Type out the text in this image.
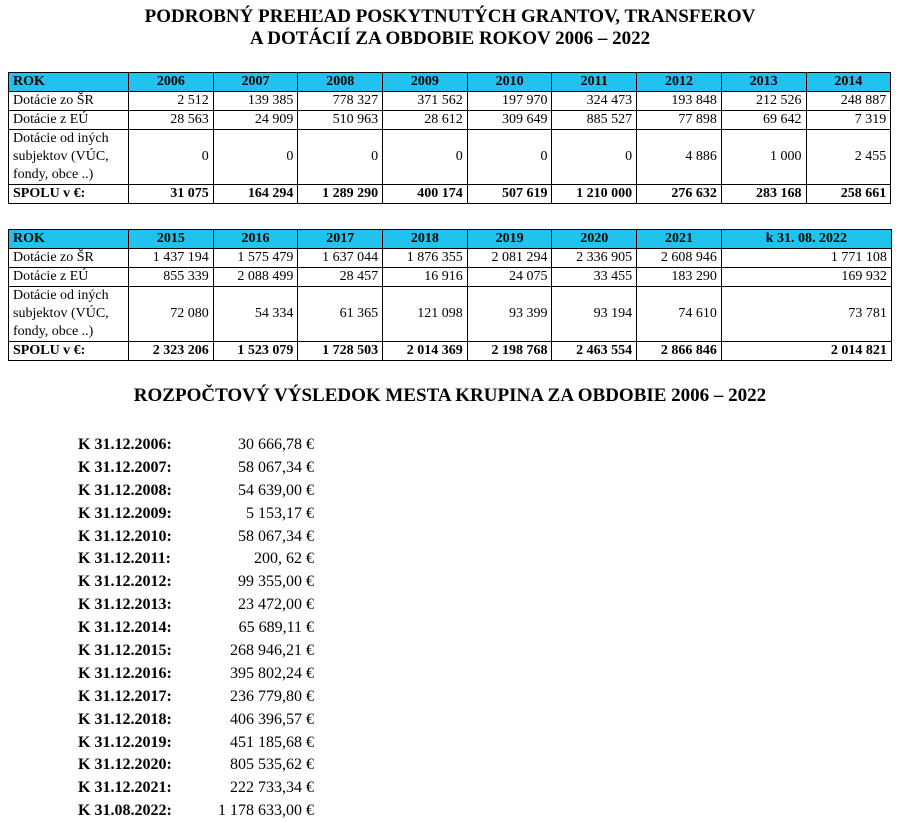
PODROBNÝ PREHĽAD POSKYTNUTÝCH GRANTOV, TRANSFEROV
A DOTÁCIÍ ZA OBDOBIE ROKOV 2006 – 2022
ROK	2006	2007	2008	2009	2010	2011	2012	2013	2014
Dotácie zo ŠR	2 512	139 385	778 327	371 562	197 970	324 473	193 848	212 526	248 887
Dotácie z EÚ	28 563	24 909	510 963	28 612	309 649	885 527	77 898	69 642	7 319
Dotácie od iných subjektov (VÚC, fondy, obce ..)	0	0	0	0	0	0	4 886	1 000	2 455
SPOLU v €:	31 075	164 294	1 289 290	400 174	507 619	1 210 000	276 632	283 168	258 661
ROK	2015	2016	2017	2018	2019	2020	2021	k 31. 08. 2022
Dotácie zo ŠR	1 437 194	1 575 479	1 637 044	1 876 355	2 081 294	2 336 905	2 608 946	1 771 108
Dotácie z EÚ	855 339	2 088 499	28 457	16 916	24 075	33 455	183 290	169 932
Dotácie od iných subjektov (VÚC, fondy, obce ..)	72 080	54 334	61 365	121 098	93 399	93 194	74 610	73 781
SPOLU v €:	2 323 206	1 523 079	1 728 503	2 014 369	2 198 768	2 463 554	2 866 846	2 014 821
ROZPOČTOVÝ VÝSLEDOK MESTA KRUPINA ZA OBDOBIE 2006 – 2022
K 31.12.2006:	30 666,78 €
K 31.12.2007:	58 067,34 €
K 31.12.2008:	54 639,00 €
K 31.12.2009:	5 153,17 €
K 31.12.2010:	58 067,34 €
K 31.12.2011:	200, 62 €
K 31.12.2012:	99 355,00 €
K 31.12.2013:	23 472,00 €
K 31.12.2014:	65 689,11 €
K 31.12.2015:	268 946,21 €
K 31.12.2016:	395 802,24 €
K 31.12.2017:	236 779,80 €
K 31.12.2018:	406 396,57 €
K 31.12.2019:	451 185,68 €
K 31.12.2020:	805 535,62 €
K 31.12.2021:	222 733,34 €
K 31.08.2022:	1 178 633,00 €
